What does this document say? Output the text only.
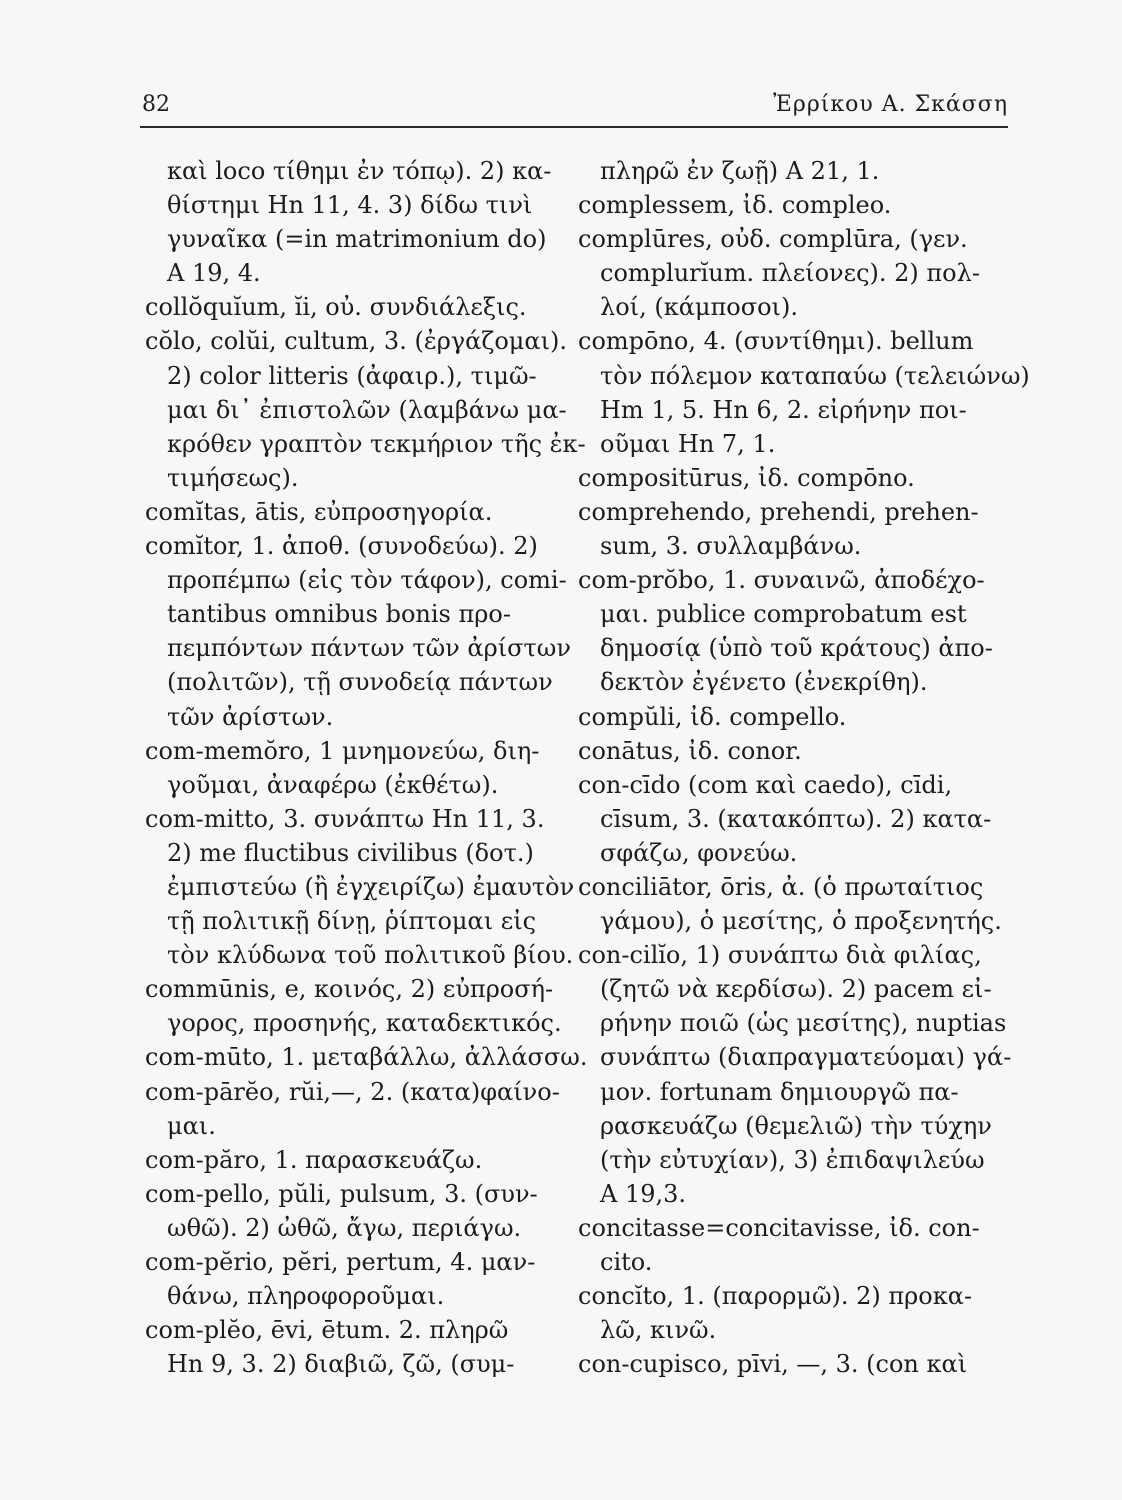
82	Ἐρρίκου Α. Σκάσση
καὶ loco τίθημι ἐν τόπῳ). 2) κα-
θίστημι Hn 11, 4. 3) δίδω τινὶ
γυναῖκα (=in matrimonium do)
A 19, 4.
collŏquĭum, ĭi, οὐ. συνδιάλεξις.
cŏlo, colŭi, cultum, 3. (ἐργάζομαι).
2) color litteris (ἀφαιρ.), τιμῶ-
μαι δι᾽ ἐπιστολῶν (λαμβάνω μα-
κρόθεν γραπτὸν τεκμήριον τῆς ἐκ-
τιμήσεως).
comĭtas, ātis, εὐπροσηγορία.
comĭtor, 1. ἀποθ. (συνοδεύω). 2)
προπέμπω (εἰς τὸν τάφον), comi-
tantibus omnibus bonis προ-
πεμπόντων πάντων τῶν ἀρίστων
(πολιτῶν), τῇ συνοδείᾳ πάντων
τῶν ἀρίστων.
com-memŏro, 1 μνημονεύω, διη-
γοῦμαι, ἀναφέρω (ἐκθέτω).
com-mitto, 3. συνάπτω Hn 11, 3.
2) me fluctibus civilibus (δοτ.)
ἐμπιστεύω (ἢ ἐγχειρίζω) ἐμαυτὸν
τῇ πολιτικῇ δίνῃ, ῥίπτομαι εἰς
τὸν κλύδωνα τοῦ πολιτικοῦ βίου.
commūnis, e, κοινός, 2) εὐπροσή-
γορος, προσηνής, καταδεκτικός.
com-mūto, 1. μεταβάλλω, ἀλλάσσω.
com-pārĕo, rŭi,—, 2. (κατα)φαίνο-
μαι.
com-păro, 1. παρασκευάζω.
com-pello, pŭli, pulsum, 3. (συν-
ωθῶ). 2) ὠθῶ, ἄγω, περιάγω.
com-pĕrio, pĕri, pertum, 4. μαν-
θάνω, πληροφοροῦμαι.
com-plĕo, ēvi, ētum. 2. πληρῶ
Hn 9, 3. 2) διαβιῶ, ζῶ, (συμ-
πληρῶ ἐν ζωῇ) A 21, 1.
complessem, ἰδ. compleo.
complūres, οὐδ. complūra, (γεν.
complurĭum. πλείονες). 2) πολ-
λοί, (κάμποσοι).
compōno, 4. (συντίθημι). bellum
τὸν πόλεμον καταπαύω (τελειώνω)
Hm 1, 5. Hn 6, 2. εἰρήνην ποι-
οῦμαι Hn 7, 1.
compositūrus, ἰδ. compōno.
comprehendo, prehendi, prehen-
sum, 3. συλλαμβάνω.
com-prŏbo, 1. συναινῶ, ἀποδέχο-
μαι. publice comprobatum est
δημοσίᾳ (ὑπὸ τοῦ κράτους) ἀπο-
δεκτὸν ἐγένετο (ἐνεκρίθη).
compŭli, ἰδ. compello.
conātus, ἰδ. conor.
con-cīdo (com καὶ caedo), cīdi,
cīsum, 3. (κατακόπτω). 2) κατα-
σφάζω, φονεύω.
conciliātor, ōris, ἀ. (ὁ πρωταίτιος
γάμου), ὁ μεσίτης, ὁ προξενητής.
con-cilĭo, 1) συνάπτω διὰ φιλίας,
(ζητῶ νὰ κερδίσω). 2) pacem εἰ-
ρήνην ποιῶ (ὡς μεσίτης), nuptias
συνάπτω (διαπραγματεύομαι) γά-
μον. fortunam δημιουργῶ πα-
ρασκευάζω (θεμελιῶ) τὴν τύχην
(τὴν εὐτυχίαν), 3) ἐπιδαψιλεύω
A 19,3.
concitasse=concitavisse, ἰδ. con-
cito.
concĭto, 1. (παρορμῶ). 2) προκα-
λῶ, κινῶ.
con-cupisco, pīvi, —, 3. (con καὶ
